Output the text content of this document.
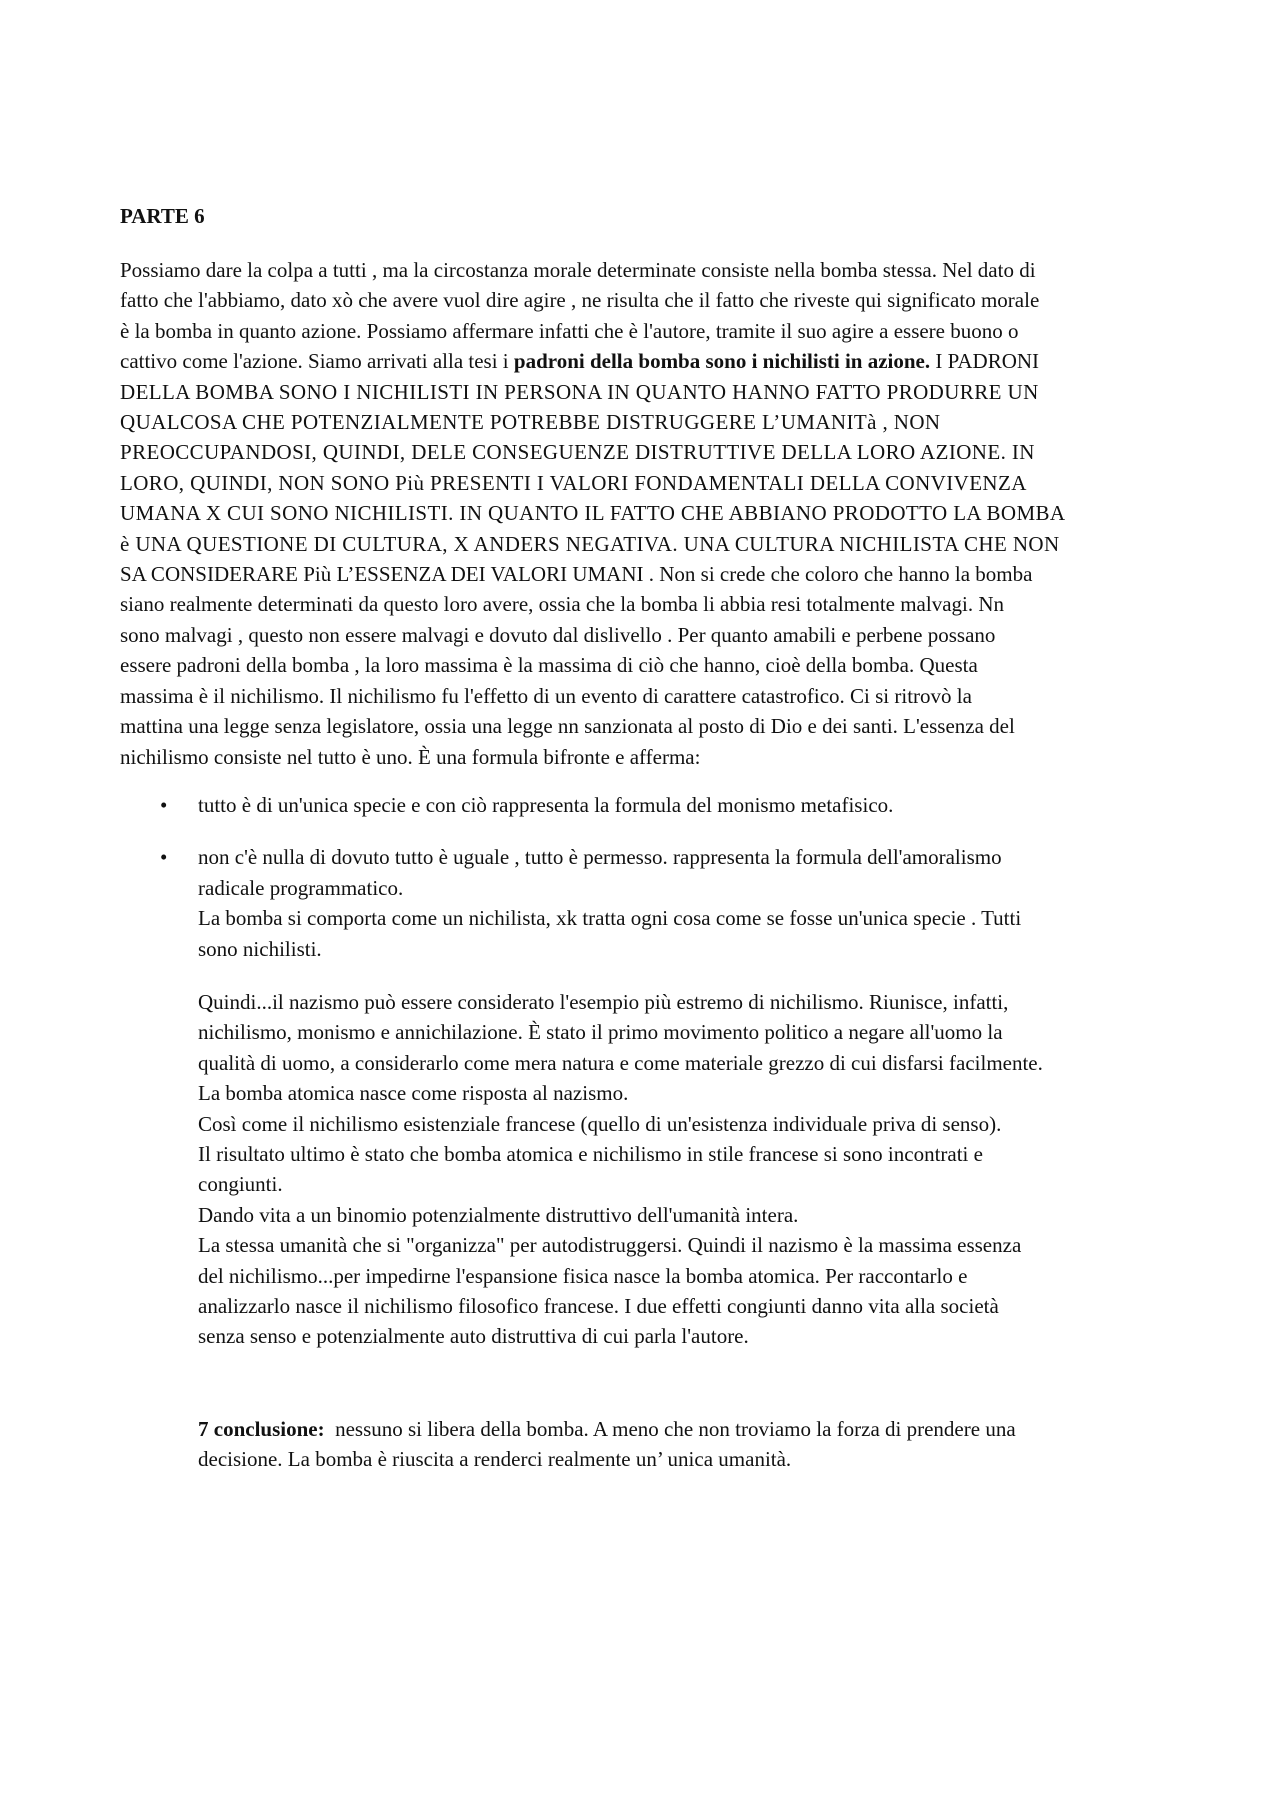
PARTE 6

Possiamo dare la colpa a tutti , ma la circostanza morale determinate consiste nella bomba stessa. Nel dato di
fatto che l'abbiamo, dato xò che avere vuol dire agire , ne risulta che il fatto che riveste qui significato morale
è la bomba in quanto azione. Possiamo affermare infatti che è l'autore, tramite il suo agire a essere buono o
cattivo come l'azione. Siamo arrivati alla tesi i padroni della bomba sono i nichilisti in azione. I PADRONI
DELLA BOMBA SONO I NICHILISTI IN PERSONA IN QUANTO HANNO FATTO PRODURRE UN
QUALCOSA CHE POTENZIALMENTE POTREBBE DISTRUGGERE L’UMANITà , NON
PREOCCUPANDOSI, QUINDI, DELE CONSEGUENZE DISTRUTTIVE DELLA LORO AZIONE. IN
LORO, QUINDI, NON SONO Più PRESENTI I VALORI FONDAMENTALI DELLA CONVIVENZA
UMANA X CUI SONO NICHILISTI. IN QUANTO IL FATTO CHE ABBIANO PRODOTTO LA BOMBA
è UNA QUESTIONE DI CULTURA, X ANDERS NEGATIVA. UNA CULTURA NICHILISTA CHE NON
SA CONSIDERARE Più L’ESSENZA DEI VALORI UMANI . Non si crede che coloro che hanno la bomba
siano realmente determinati da questo loro avere, ossia che la bomba li abbia resi totalmente malvagi. Nn
sono malvagi , questo non essere malvagi e dovuto dal dislivello . Per quanto amabili e perbene possano
essere padroni della bomba , la loro massima è la massima di ciò che hanno, cioè della bomba. Questa
massima è il nichilismo. Il nichilismo fu l'effetto di un evento di carattere catastrofico. Ci si ritrovò la
mattina una legge senza legislatore, ossia una legge nn sanzionata al posto di Dio e dei santi. L'essenza del
nichilismo consiste nel tutto è uno. È una formula bifronte e afferma:

• tutto è di un'unica specie e con ciò rappresenta la formula del monismo metafisico.
• non c'è nulla di dovuto tutto è uguale , tutto è permesso. rappresenta la formula dell'amoralismo
radicale programmatico.
La bomba si comporta come un nichilista, xk tratta ogni cosa come se fosse un'unica specie . Tutti
sono nichilisti.

Quindi...il nazismo può essere considerato l'esempio più estremo di nichilismo. Riunisce, infatti,
nichilismo, monismo e annichilazione. È stato il primo movimento politico a negare all'uomo la
qualità di uomo, a considerarlo come mera natura e come materiale grezzo di cui disfarsi facilmente.
La bomba atomica nasce come risposta al nazismo.
Così come il nichilismo esistenziale francese (quello di un'esistenza individuale priva di senso).
Il risultato ultimo è stato che bomba atomica e nichilismo in stile francese si sono incontrati e
congiunti.
Dando vita a un binomio potenzialmente distruttivo dell'umanità intera.
La stessa umanità che si "organizza" per autodistruggersi. Quindi il nazismo è la massima essenza
del nichilismo...per impedirne l'espansione fisica nasce la bomba atomica. Per raccontarlo e
analizzarlo nasce il nichilismo filosofico francese. I due effetti congiunti danno vita alla società
senza senso e potenzialmente auto distruttiva di cui parla l'autore.

7 conclusione:  nessuno si libera della bomba. A meno che non troviamo la forza di prendere una
decisione. La bomba è riuscita a renderci realmente un’ unica umanità.
